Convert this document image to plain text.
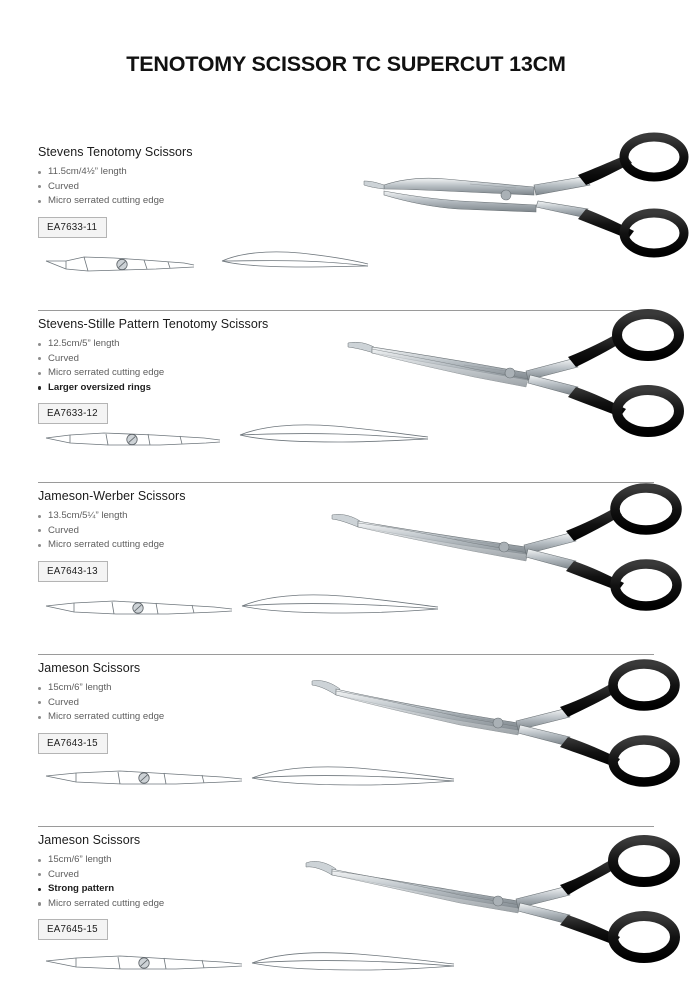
TENOTOMY SCISSOR TC SUPERCUT 13CM
Stevens Tenotomy Scissors
11.5cm/4½” length
Curved
Micro serrated cutting edge
EA7633-11
Stevens-Stille Pattern Tenotomy Scissors
12.5cm/5” length
Curved
Micro serrated cutting edge
Larger oversized rings
EA7633-12
Jameson-Werber Scissors
13.5cm/5¼” length
Curved
Micro serrated cutting edge
EA7643-13
Jameson Scissors
15cm/6” length
Curved
Micro serrated cutting edge
EA7643-15
Jameson Scissors
15cm/6” length
Curved
Strong pattern
Micro serrated cutting edge
EA7645-15
